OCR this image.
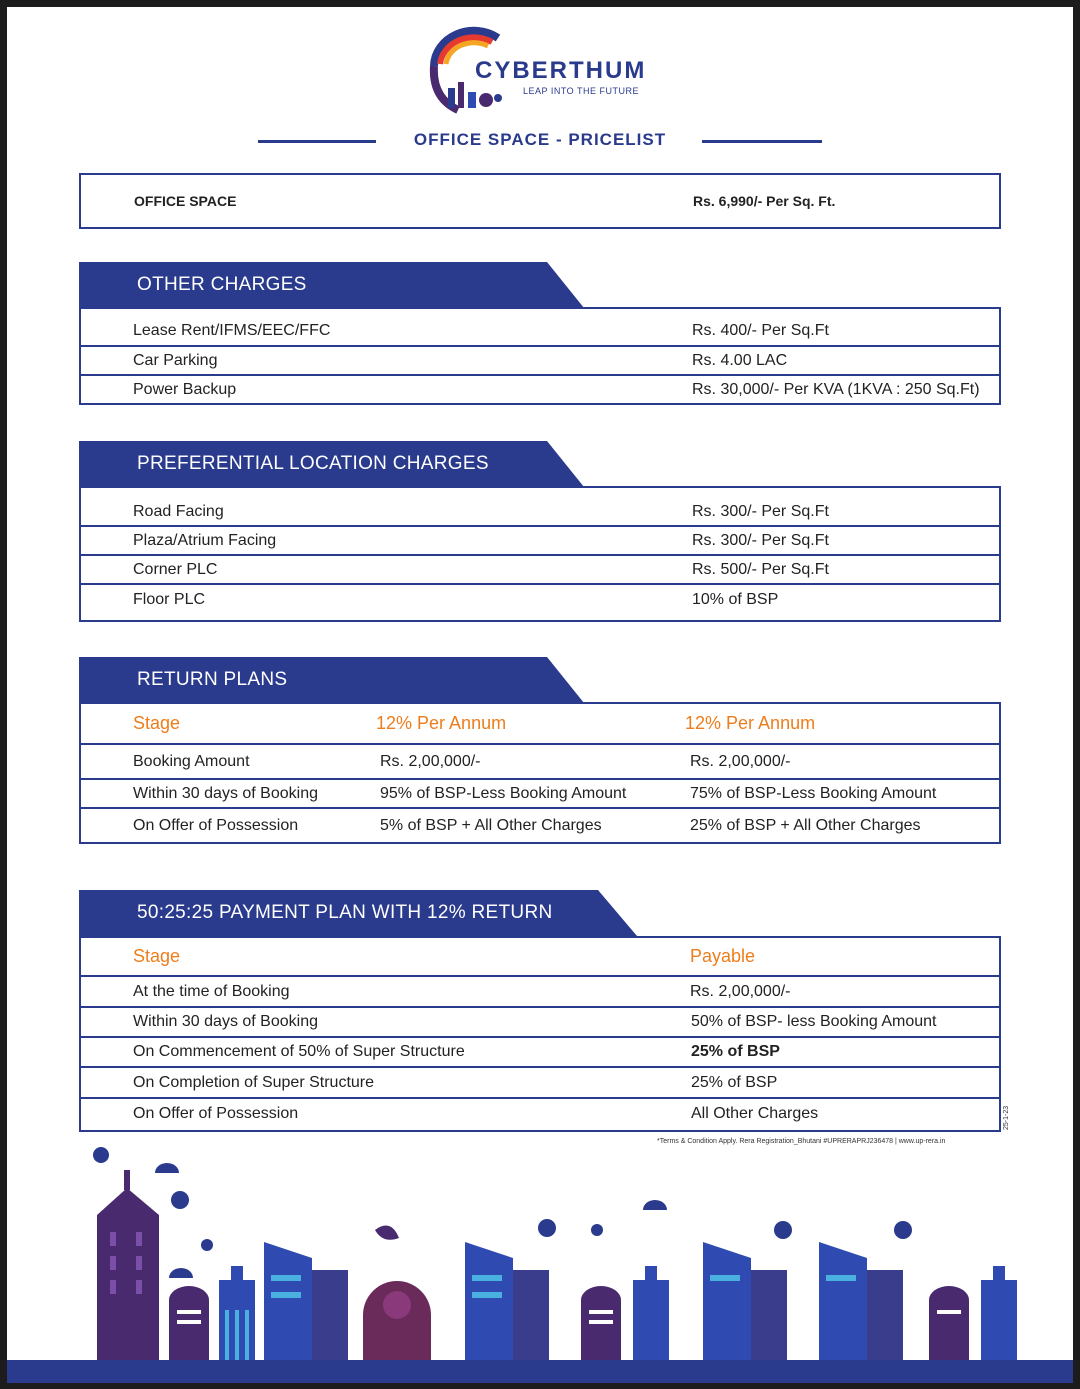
CYBERTHUM
LEAP INTO THE FUTURE
OFFICE SPACE - PRICELIST
OFFICE SPACE	Rs. 6,990/- Per Sq. Ft.
OTHER CHARGES
Lease Rent/IFMS/EEC/FFC	Rs. 400/- Per Sq.Ft
Car Parking	Rs. 4.00 LAC
Power Backup	Rs. 30,000/- Per KVA (1KVA : 250 Sq.Ft)
PREFERENTIAL LOCATION CHARGES
Road Facing	Rs. 300/- Per Sq.Ft
Plaza/Atrium Facing	Rs. 300/- Per Sq.Ft
Corner PLC	Rs. 500/- Per Sq.Ft
Floor PLC	10% of BSP
RETURN PLANS
Stage	12% Per Annum	12% Per Annum
Booking Amount	Rs. 2,00,000/-	Rs. 2,00,000/-
Within 30 days of Booking	95% of BSP-Less Booking Amount	75% of BSP-Less Booking Amount
On Offer of Possession	5% of BSP + All Other Charges	25% of BSP + All Other Charges
50:25:25 PAYMENT PLAN WITH 12% RETURN
Stage	Payable
At the time of Booking	Rs. 2,00,000/-
Within 30 days of Booking	50% of BSP- less Booking Amount
On Commencement of 50% of Super Structure	25% of BSP
On Completion of Super Structure	25% of BSP
On Offer of Possession	All Other Charges	25-1-23
*Terms & Condition Apply. Rera Registration_Bhutani #UPRERAPRJ236478 | www.up-rera.in
